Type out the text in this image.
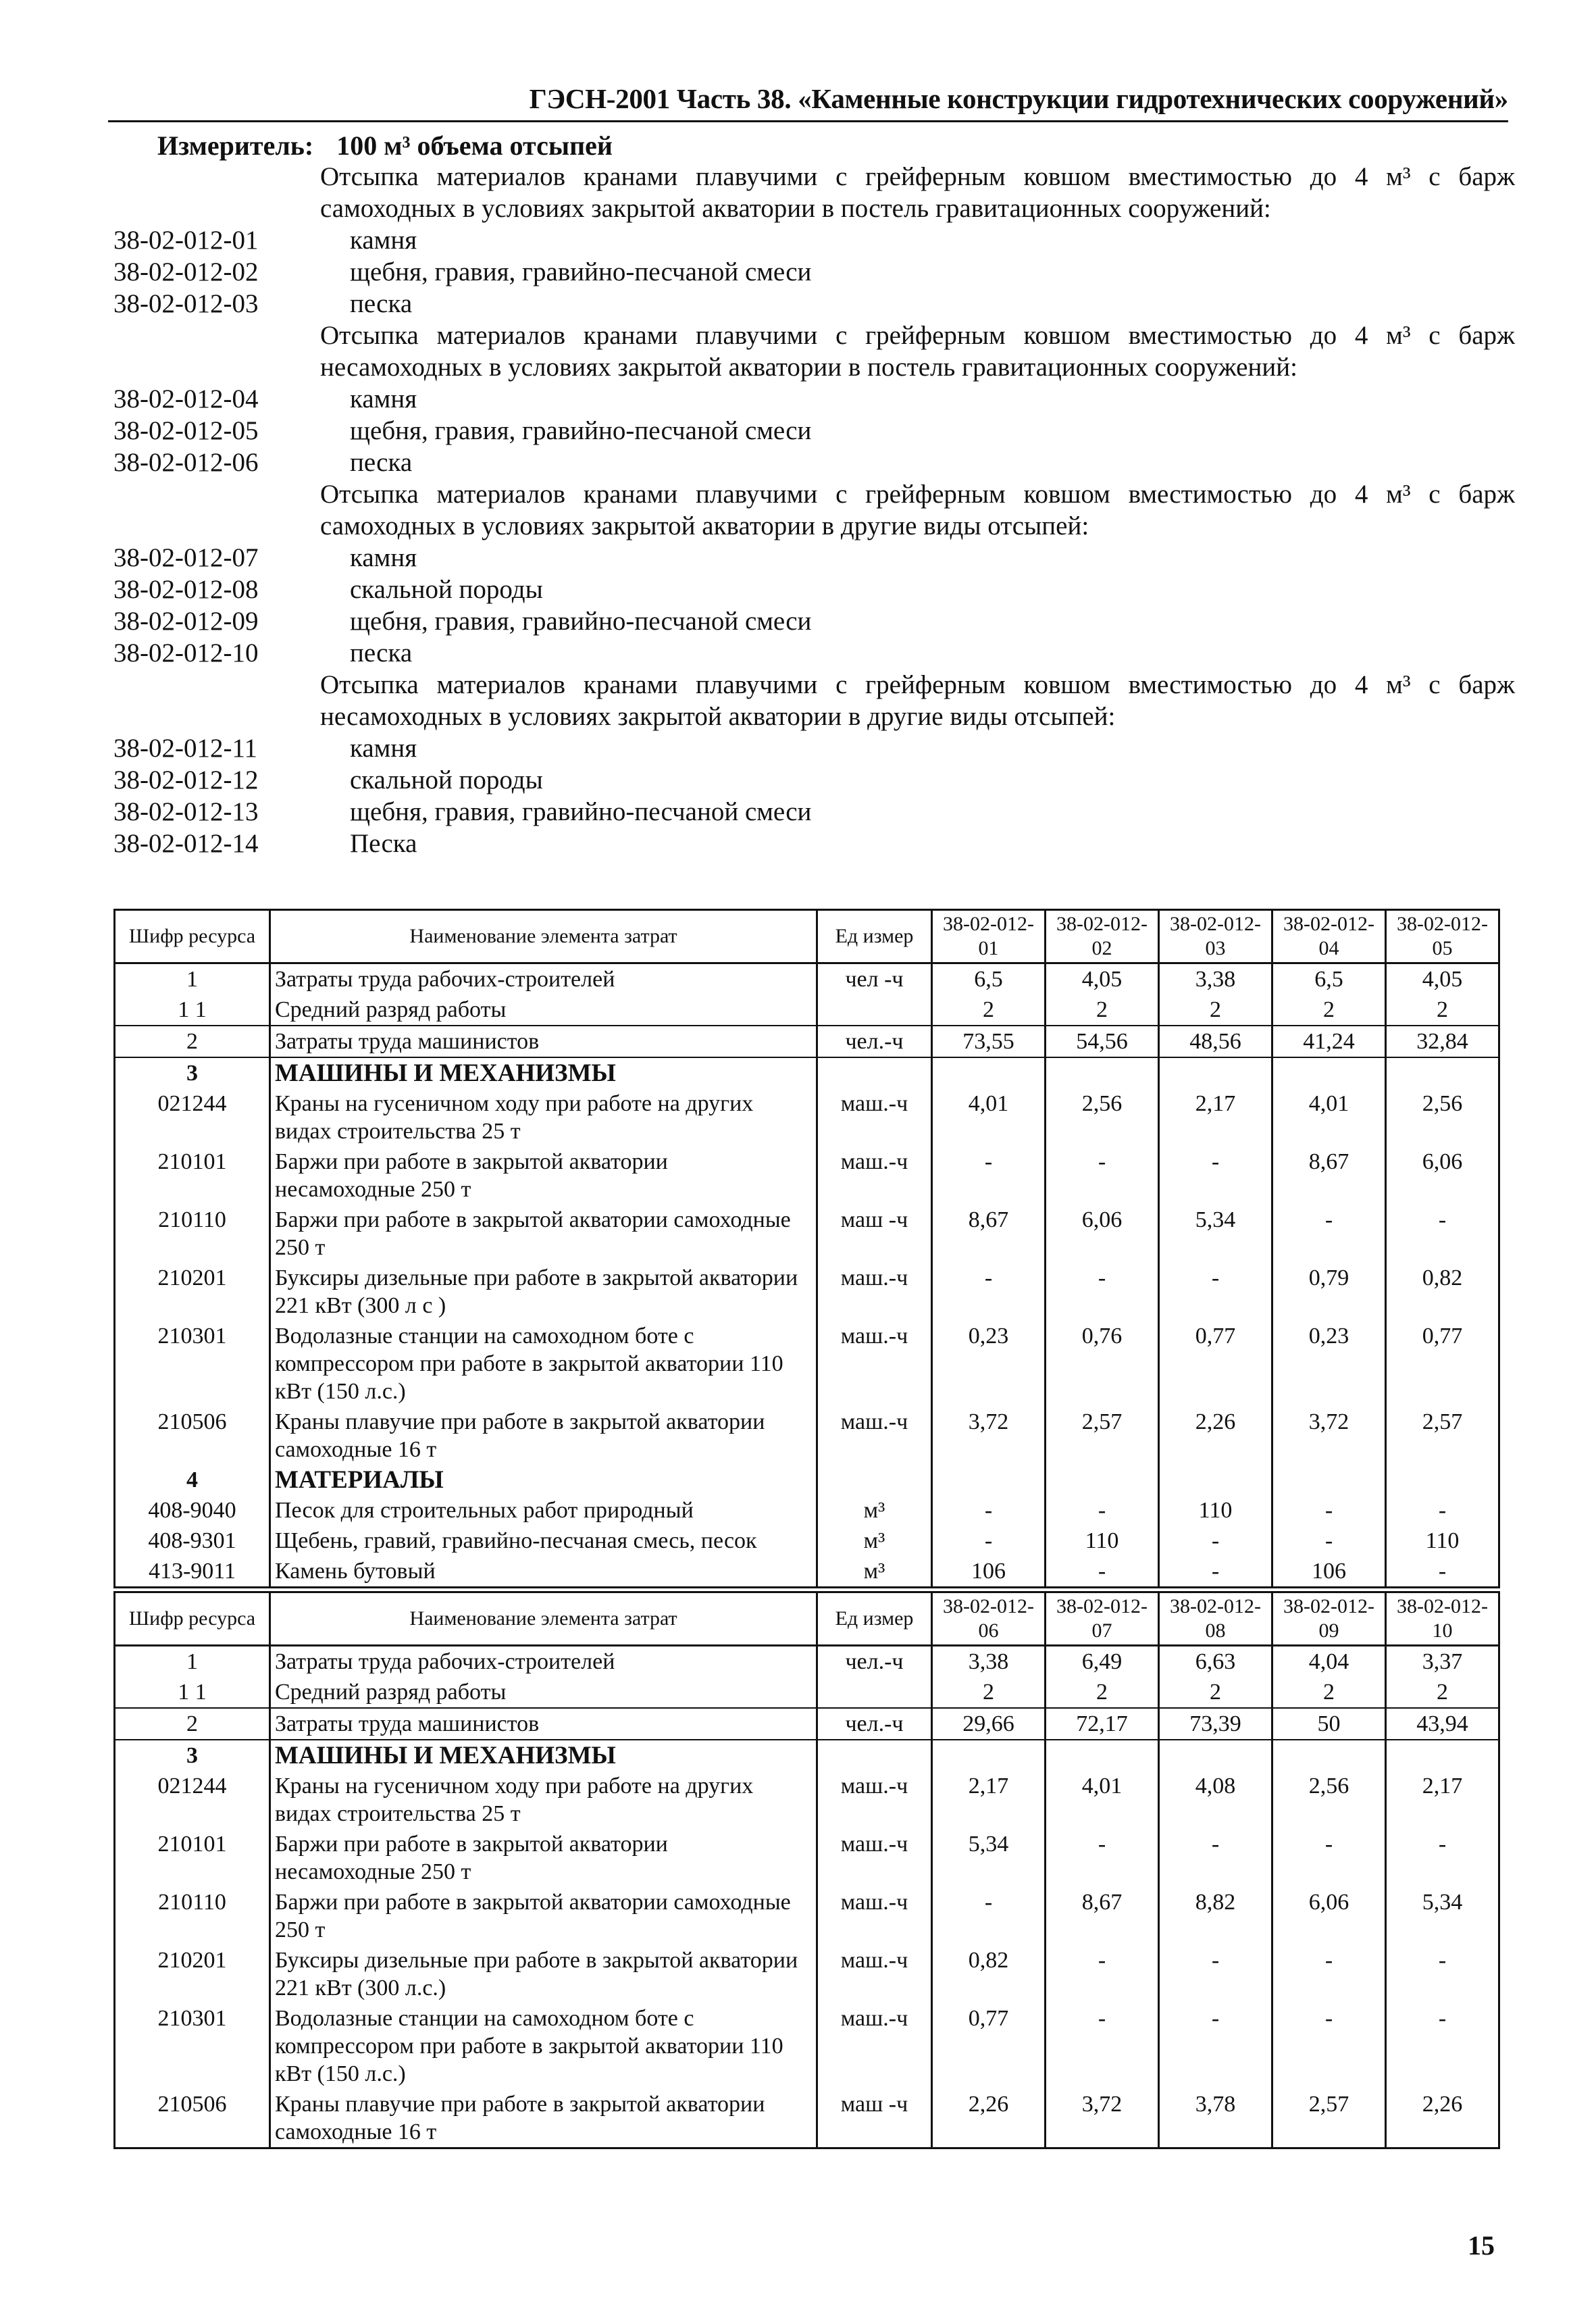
ГЭСН-2001 Часть 38. «Каменные конструкции гидротехнических сооружений»
Измеритель: 100 м³ объема отсыпей
Отсыпка материалов кранами плавучими с грейферным ковшом вместимостью до 4 м³ с барж самоходных в условиях закрытой акватории в постель гравитационных сооружений:
38-02-012-01	камня
38-02-012-02	щебня, гравия, гравийно-песчаной смеси
38-02-012-03	песка
Отсыпка материалов кранами плавучими с грейферным ковшом вместимостью до 4 м³ с барж несамоходных в условиях закрытой акватории в постель гравитационных сооружений:
38-02-012-04	камня
38-02-012-05	щебня, гравия, гравийно-песчаной смеси
38-02-012-06	песка
Отсыпка материалов кранами плавучими с грейферным ковшом вместимостью до 4 м³ с барж самоходных в условиях закрытой акватории в другие виды отсыпей:
38-02-012-07	камня
38-02-012-08	скальной породы
38-02-012-09	щебня, гравия, гравийно-песчаной смеси
38-02-012-10	песка
Отсыпка материалов кранами плавучими с грейферным ковшом вместимостью до 4 м³ с барж несамоходных в условиях закрытой акватории в другие виды отсыпей:
38-02-012-11	камня
38-02-012-12	скальной породы
38-02-012-13	щебня, гравия, гравийно-песчаной смеси
38-02-012-14	Песка
Шифр ресурса	Наименование элемента затрат	Ед измер	38-02-012-01	38-02-012-02	38-02-012-03	38-02-012-04	38-02-012-05
1	Затраты труда рабочих-строителей	чел -ч	6,5	4,05	3,38	6,5	4,05
1 1	Средний разряд работы		2	2	2	2	2
2	Затраты труда машинистов	чел.-ч	73,55	54,56	48,56	41,24	32,84
3	МАШИНЫ И МЕХАНИЗМЫ						
021244	Краны на гусеничном ходу при работе на других видах строительства 25 т	маш.-ч	4,01	2,56	2,17	4,01	2,56
210101	Баржи при работе в закрытой акватории несамоходные 250 т	маш.-ч	-	-	-	8,67	6,06
210110	Баржи при работе в закрытой акватории самоходные 250 т	маш -ч	8,67	6,06	5,34	-	-
210201	Буксиры дизельные при работе в закрытой акватории 221 кВт (300 л с )	маш.-ч	-	-	-	0,79	0,82
210301	Водолазные станции на самоходном боте с компрессором при работе в закрытой акватории 110 кВт (150 л.с.)	маш.-ч	0,23	0,76	0,77	0,23	0,77
210506	Краны плавучие при работе в закрытой акватории самоходные 16 т	маш.-ч	3,72	2,57	2,26	3,72	2,57
4	МАТЕРИАЛЫ						
408-9040	Песок для строительных работ природный	м³	-	-	110	-	-
408-9301	Щебень, гравий, гравийно-песчаная смесь, песок	м³	-	110	-	-	110
413-9011	Камень бутовый	м³	106	-	-	106	-
Шифр ресурса	Наименование элемента затрат	Ед измер	38-02-012-06	38-02-012-07	38-02-012-08	38-02-012-09	38-02-012-10
1	Затраты труда рабочих-строителей	чел.-ч	3,38	6,49	6,63	4,04	3,37
1 1	Средний разряд работы		2	2	2	2	2
2	Затраты труда машинистов	чел.-ч	29,66	72,17	73,39	50	43,94
3	МАШИНЫ И МЕХАНИЗМЫ						
021244	Краны на гусеничном ходу при работе на других видах строительства 25 т	маш.-ч	2,17	4,01	4,08	2,56	2,17
210101	Баржи при работе в закрытой акватории несамоходные 250 т	маш.-ч	5,34	-	-	-	-
210110	Баржи при работе в закрытой акватории самоходные 250 т	маш.-ч	-	8,67	8,82	6,06	5,34
210201	Буксиры дизельные при работе в закрытой акватории 221 кВт (300 л.с.)	маш.-ч	0,82	-	-	-	-
210301	Водолазные станции на самоходном боте с компрессором при работе в закрытой акватории 110 кВт (150 л.с.)	маш.-ч	0,77	-	-	-	-
210506	Краны плавучие при работе в закрытой акватории самоходные 16 т	маш -ч	2,26	3,72	3,78	2,57	2,26
15
